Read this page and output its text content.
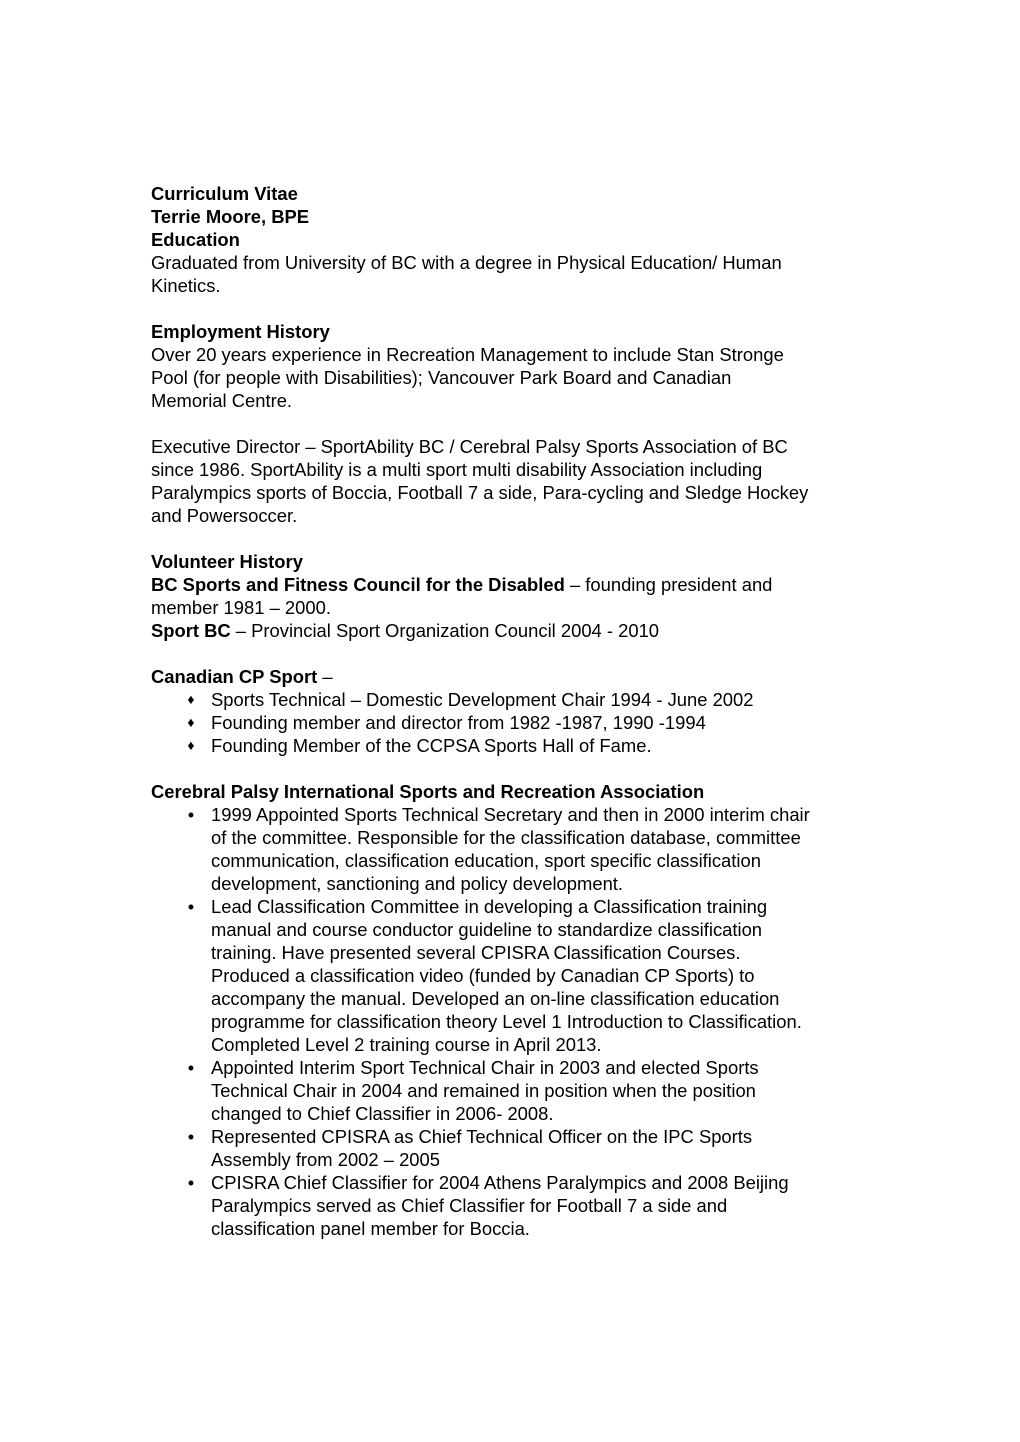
Curriculum Vitae
Terrie Moore, BPE
Education
Graduated from University of BC with a degree in Physical Education/ Human
Kinetics.
Employment History
Over 20 years experience in Recreation Management to include Stan Stronge
Pool (for people with Disabilities); Vancouver Park Board and Canadian
Memorial Centre.
Executive Director – SportAbility BC / Cerebral Palsy Sports Association of BC
since 1986. SportAbility is a multi sport multi disability Association including
Paralympics sports of Boccia, Football 7 a side, Para-cycling and Sledge Hockey
and Powersoccer.
Volunteer History
BC Sports and Fitness Council for the Disabled – founding president and
member 1981 – 2000.
Sport BC – Provincial Sport Organization Council 2004 - 2010
Canadian CP Sport –
♦ Sports Technical – Domestic Development Chair 1994 - June 2002
♦ Founding member and director from 1982 -1987, 1990 -1994
♦ Founding Member of the CCPSA Sports Hall of Fame.
Cerebral Palsy International Sports and Recreation Association
• 1999 Appointed Sports Technical Secretary and then in 2000 interim chair
of the committee. Responsible for the classification database, committee
communication, classification education, sport specific classification
development, sanctioning and policy development.
• Lead Classification Committee in developing a Classification training
manual and course conductor guideline to standardize classification
training. Have presented several CPISRA Classification Courses.
Produced a classification video (funded by Canadian CP Sports) to
accompany the manual. Developed an on-line classification education
programme for classification theory Level 1 Introduction to Classification.
Completed Level 2 training course in April 2013.
• Appointed Interim Sport Technical Chair in 2003 and elected Sports
Technical Chair in 2004 and remained in position when the position
changed to Chief Classifier in 2006- 2008.
• Represented CPISRA as Chief Technical Officer on the IPC Sports
Assembly from 2002 – 2005
• CPISRA Chief Classifier for 2004 Athens Paralympics and 2008 Beijing
Paralympics served as Chief Classifier for Football 7 a side and
classification panel member for Boccia.
